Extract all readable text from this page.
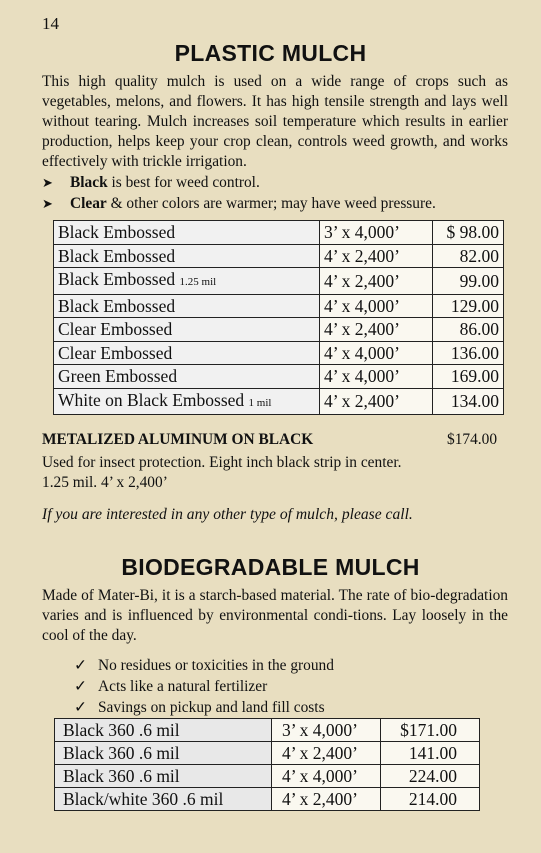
14
PLASTIC MULCH
This high quality mulch is used on a wide range of crops such as vegetables, melons, and flowers. It has high tensile strength and lays well without tearing. Mulch increases soil temperature which results in earlier production, helps keep your crop clean, controls weed growth, and works effectively with trickle irrigation.
➤	Black is best for weed control.
➤	Clear & other colors are warmer; may have weed pressure.
Black Embossed	3’ x 4,000’	$ 98.00
Black Embossed	4’ x 2,400’	82.00
Black Embossed 1.25 mil	4’ x 2,400’	99.00
Black Embossed	4’ x 4,000’	129.00
Clear Embossed	4’ x 2,400’	86.00
Clear Embossed	4’ x 4,000’	136.00
Green Embossed	4’ x 4,000’	169.00
White on Black Embossed 1 mil	4’ x 2,400’	134.00
METALIZED ALUMINUM ON BLACK	$174.00
Used for insect protection. Eight inch black strip in center.
1.25 mil. 4’ x 2,400’
If you are interested in any other type of mulch, please call.
BIODEGRADABLE MULCH
Made of Mater-Bi, it is a starch-based material. The rate of bio-degradation varies and is influenced by environmental condi-tions. Lay loosely in the cool of the day.
✓ No residues or toxicities in the ground
✓ Acts like a natural fertilizer
✓ Savings on pickup and land fill costs
Black 360 .6 mil	3’ x 4,000’	$171.00
Black 360 .6 mil	4’ x 2,400’	141.00
Black 360 .6 mil	4’ x 4,000’	224.00
Black/white 360 .6 mil	4’ x 2,400’	214.00
